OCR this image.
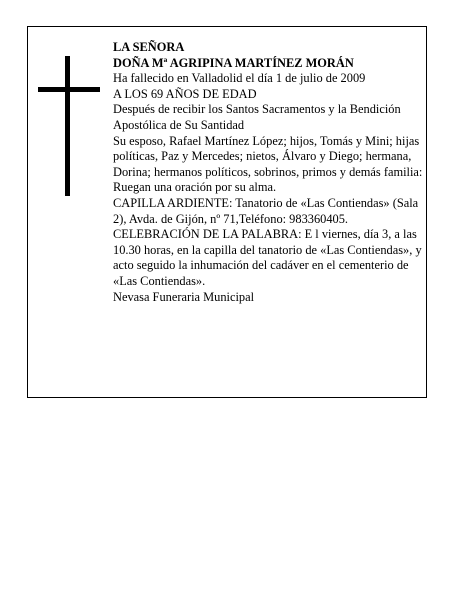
LA SEÑORA

DOÑA Mª AGRIPINA MARTÍNEZ MORÁN

Ha fallecido en Valladolid el día 1 de julio de 2009

A LOS 69 AÑOS DE EDAD

Después de recibir los Santos Sacramentos y la Bendición Apostólica de Su Santidad

Su esposo, Rafael Martínez López; hijos, Tomás y Mini; hijas políticas, Paz y Mercedes; nietos, Álvaro y Diego; hermana, Dorina; hermanos políticos, sobrinos, primos y demás familia:

Ruegan una oración por su alma.

CAPILLA ARDIENTE: Tanatorio de «Las Contiendas» (Sala 2), Avda. de Gijón, nº 71,Teléfono: 983360405.

CELEBRACIÓN DE LA PALABRA: E l viernes, día 3, a las 10.30 horas, en la capilla del tanatorio de «Las Contiendas», y acto seguido la inhumación del cadáver en el cementerio de «Las Contiendas».

Nevasa Funeraria Municipal
